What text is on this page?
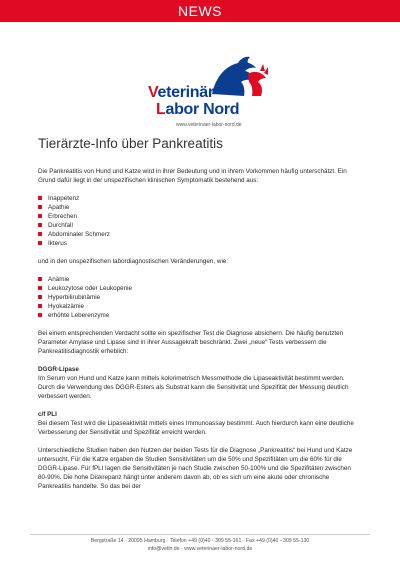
NEWS
Veterinär
Labor Nord
www.veterinaer-labor-nord.de
Tierärzte-Info über Pankreatitis

Die Pankreatitis von Hund und Katze wird in ihrer Bedeutung und in ihrem Vorkommen häufig unterschätzt. Ein Grund dafür liegt in der unspezifischen klinischen Symptomatik bestehend aus:

Inappetenz
Apathie
Erbrechen
Durchfall
Abdominaler Schmerz
Ikterus

und in den unspezifischen labordiagnostischen Veränderungen, wie:

Anämie
Leukozytose oder Leukopenie
Hyperbilirubinämie
Hyokalzämie
erhöhte Leberenzyme

Bei einem entsprechenden Verdacht sollte ein spezifischer Test die Diagnose absichern. Die häufig benutzten Parameter Amylase und Lipase sind in ihrer Aussagekraft beschränkt. Zwei „neue“ Tests verbessern die Pankreatitisdiagnostik erheblich:

DGGR-Lipase

Im Serum von Hund und Katze kann mittels kolorimetrisch Messmethode die Lipaseaktivität bestimmt werden. Durch die Verwendung des DGGR-Esters als Substrat kann die Sensitivität und Spezifität der Messung deutlich verbessert werden.

c/f PLI

Bei diesem Test wird die Lipaseaktivität mittels eines Immunoassay bestimmt. Auch hierdurch kann eine deutliche Verbesserung der Sensitivität und Spezifität erreicht werden.

Unterschiedliche Studien haben den Nutzen der beiden Tests für die Diagnose „Pankreatitis“ bei Hund und Katze untersucht. Für die Katze ergaben die Studien Sensitivitäten um die 50% und Spezifitäten um die 60% für die DGGR-Lipase. Für fPLI lagen die Sensitivitäten je nach Studie zwischen 50-100% und die Spezifitäten zwischen 80-90%. Die hohe Diskrepanz hängt unter anderem davon ab, ob es sich um eine akute oder chronische Pankreatitis handelte. So das bei der

Bergstraße 14 · 20095 Hamburg · Telefon +49 (0)40 - 309 55-161 · Fax +49 (0)40 - 309 55-130
info@vetln.de · www.veterinaer-labor-nord.de
